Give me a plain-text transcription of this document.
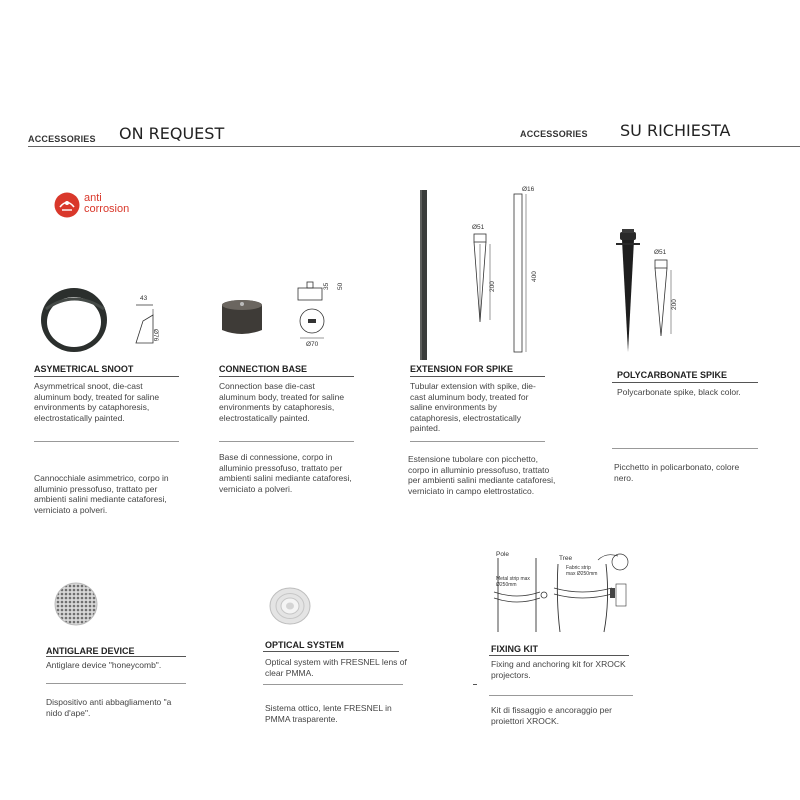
ACCESSORIES ON REQUEST	ACCESSORIES SU RICHIESTA
anti
corrosion
43
Ø76
ASYMETRICAL SNOOT
Asymmetrical snoot, die-cast aluminum body, treated for saline environments by cataphoresis, electrostatically painted.
Cannocchiale asimmetrico, corpo in alluminio pressofuso, trattato per ambienti salini mediante cataforesi, verniciato a polveri.
35 50
Ø70
CONNECTION BASE
Connection base die-cast aluminum body, treated for saline environments by cataphoresis, electrostatically painted.
Base di connessione, corpo in alluminio pressofuso, trattato per ambienti salini mediante cataforesi, verniciato a polveri.
Ø51
200
Ø16
400
EXTENSION FOR SPIKE
Tubular extension with spike, die-cast aluminum body, treated for saline environments by cataphoresis, electrostatically painted.
Estensione tubolare con picchetto, corpo in alluminio pressofuso, trattato per ambienti salini mediante cataforesi, verniciato in campo elettrostatico.
Ø51
200
POLYCARBONATE SPIKE
Polycarbonate spike, black color.
Picchetto in policarbonato, colore nero.
ANTIGLARE DEVICE
Antiglare device "honeycomb".
Dispositivo anti abbagliamento "a nido d'ape".
OPTICAL SYSTEM
Optical system with FRESNEL lens of clear PMMA.
Sistema ottico, lente FRESNEL in PMMA trasparente.
Pole
Tree
Metal strip max Ø250mm
Fabric strip max Ø250mm
FIXING KIT
Fixing and anchoring kit for XROCK projectors.
Kit di fissaggio e ancoraggio per proiettori XROCK.
